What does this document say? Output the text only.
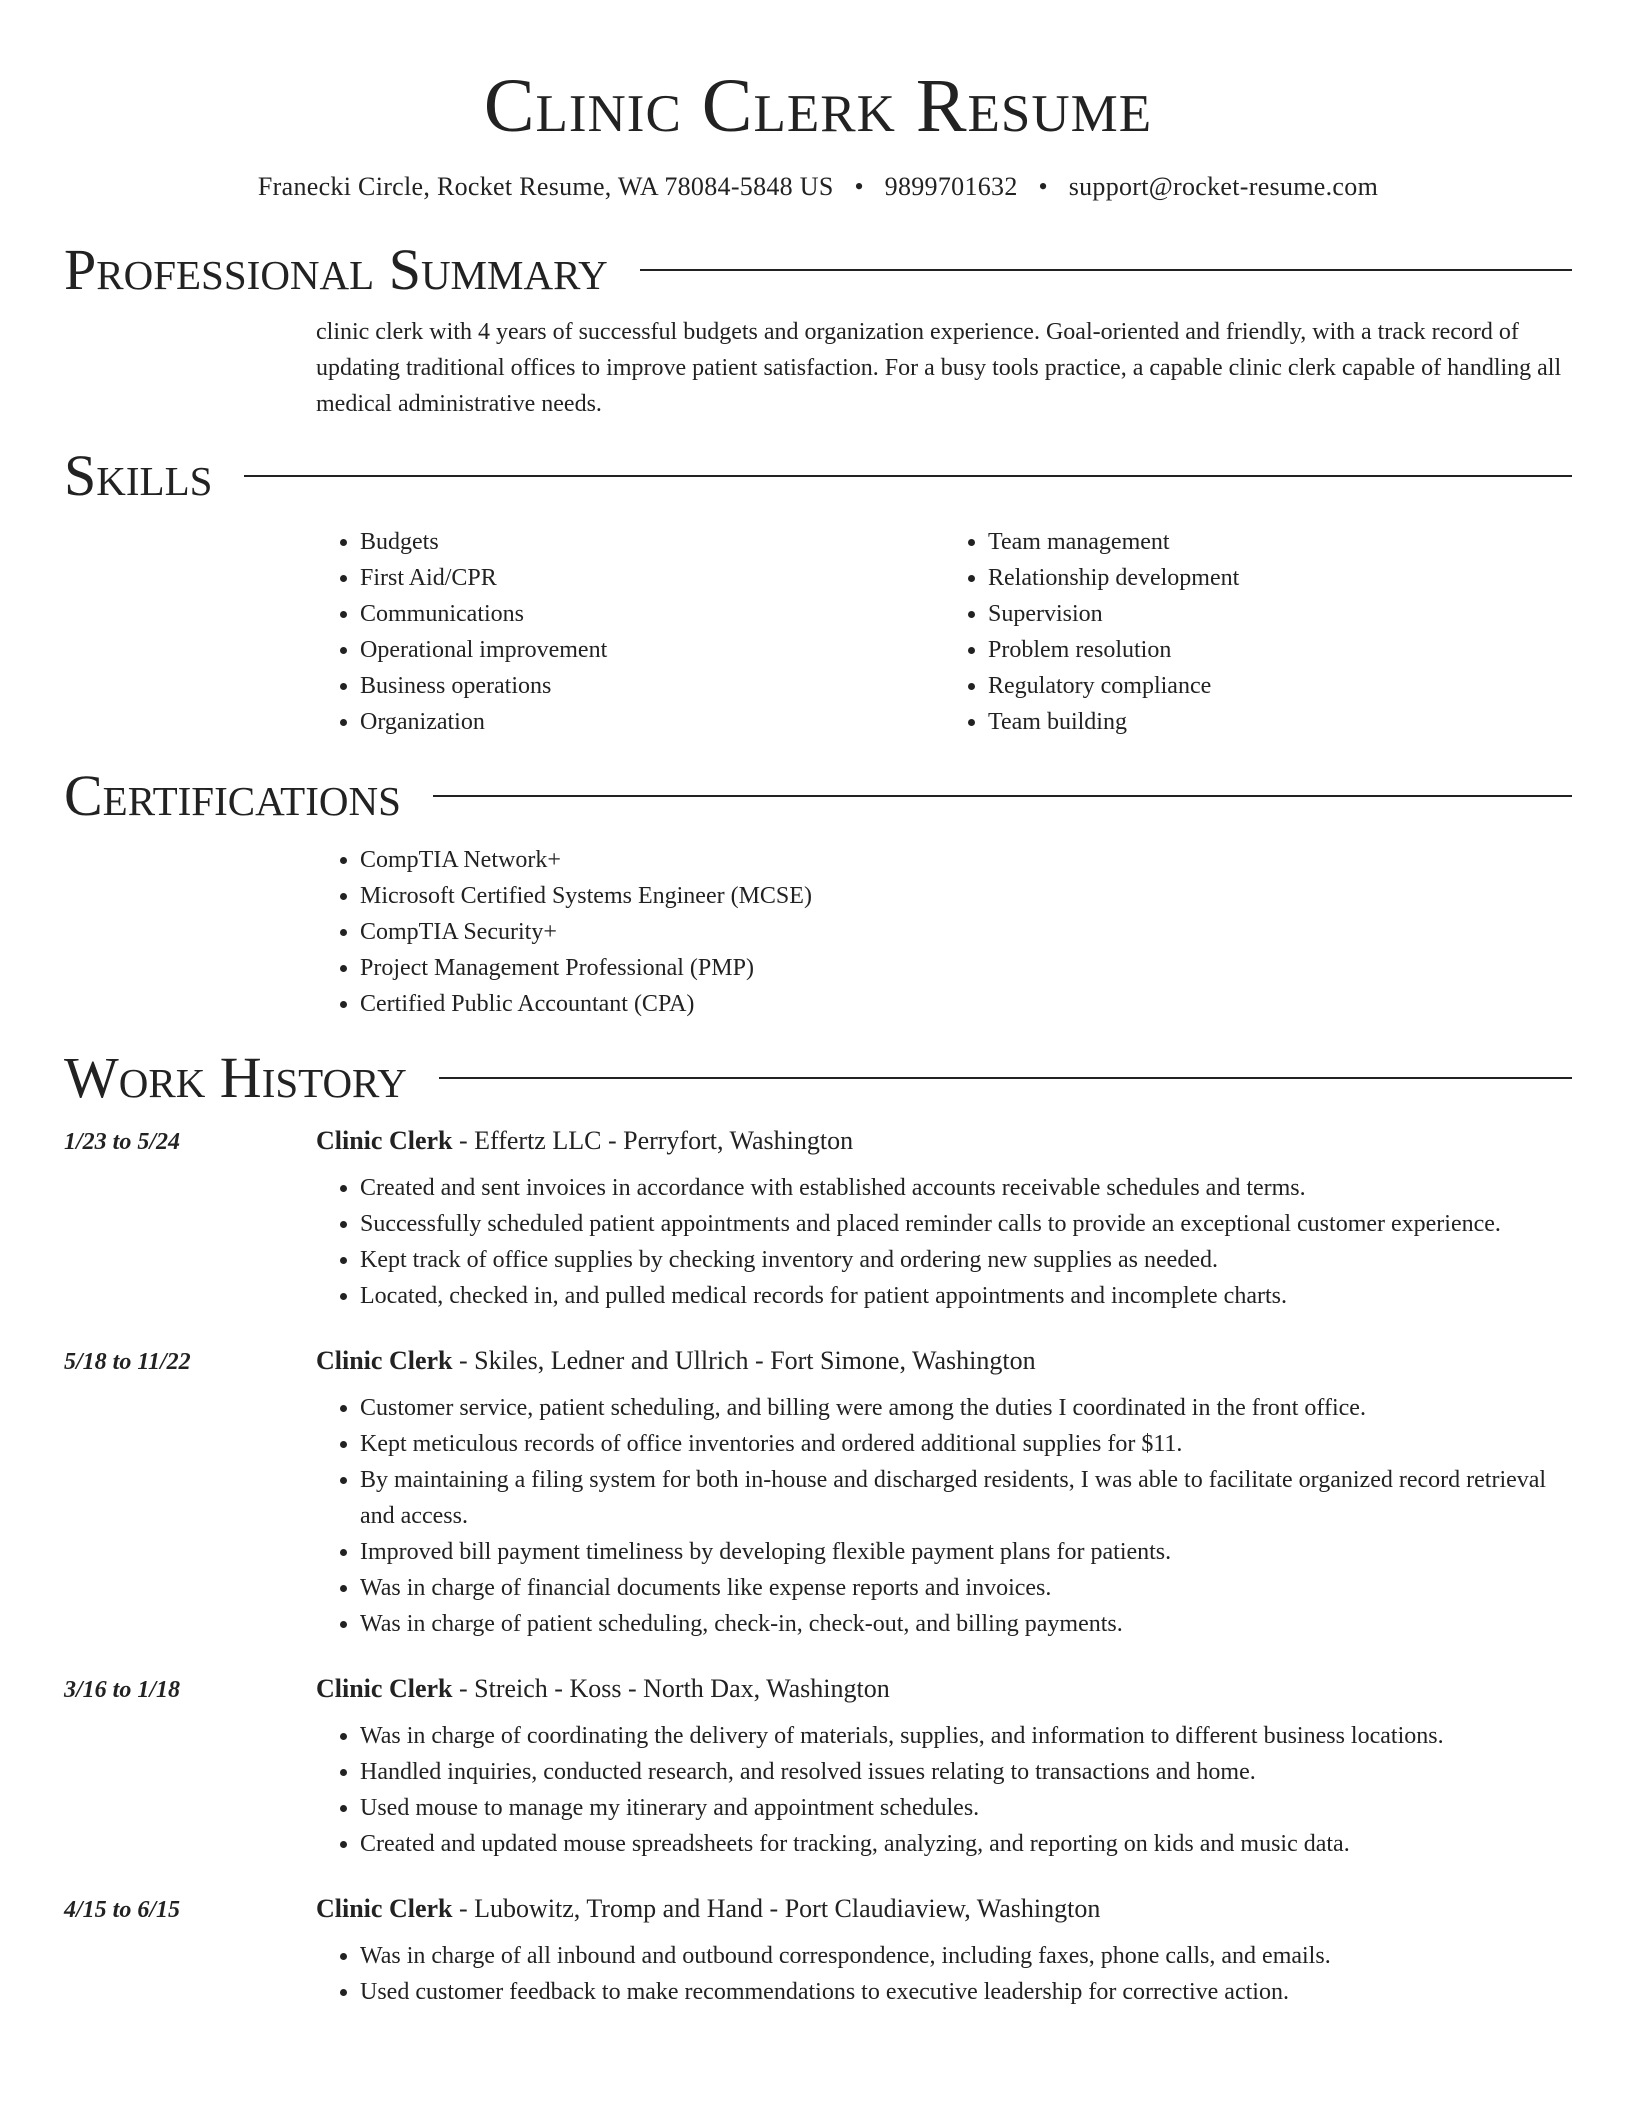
Clinic Clerk Resume
Franecki Circle, Rocket Resume, WA 78084-5848 US • 9899701632 • support@rocket-resume.com
Professional Summary
clinic clerk with 4 years of successful budgets and organization experience. Goal-oriented and friendly, with a track record of updating traditional offices to improve patient satisfaction. For a busy tools practice, a capable clinic clerk capable of handling all medical administrative needs.
Skills
• Budgets
• First Aid/CPR
• Communications
• Operational improvement
• Business operations
• Organization
• Team management
• Relationship development
• Supervision
• Problem resolution
• Regulatory compliance
• Team building
Certifications
• CompTIA Network+
• Microsoft Certified Systems Engineer (MCSE)
• CompTIA Security+
• Project Management Professional (PMP)
• Certified Public Accountant (CPA)
Work History
1/23 to 5/24	Clinic Clerk - Effertz LLC - Perryfort, Washington
• Created and sent invoices in accordance with established accounts receivable schedules and terms.
• Successfully scheduled patient appointments and placed reminder calls to provide an exceptional customer experience.
• Kept track of office supplies by checking inventory and ordering new supplies as needed.
• Located, checked in, and pulled medical records for patient appointments and incomplete charts.
5/18 to 11/22	Clinic Clerk - Skiles, Ledner and Ullrich - Fort Simone, Washington
• Customer service, patient scheduling, and billing were among the duties I coordinated in the front office.
• Kept meticulous records of office inventories and ordered additional supplies for $11.
• By maintaining a filing system for both in-house and discharged residents, I was able to facilitate organized record retrieval and access.
• Improved bill payment timeliness by developing flexible payment plans for patients.
• Was in charge of financial documents like expense reports and invoices.
• Was in charge of patient scheduling, check-in, check-out, and billing payments.
3/16 to 1/18	Clinic Clerk - Streich - Koss - North Dax, Washington
• Was in charge of coordinating the delivery of materials, supplies, and information to different business locations.
• Handled inquiries, conducted research, and resolved issues relating to transactions and home.
• Used mouse to manage my itinerary and appointment schedules.
• Created and updated mouse spreadsheets for tracking, analyzing, and reporting on kids and music data.
4/15 to 6/15	Clinic Clerk - Lubowitz, Tromp and Hand - Port Claudiaview, Washington
• Was in charge of all inbound and outbound correspondence, including faxes, phone calls, and emails.
• Used customer feedback to make recommendations to executive leadership for corrective action.
